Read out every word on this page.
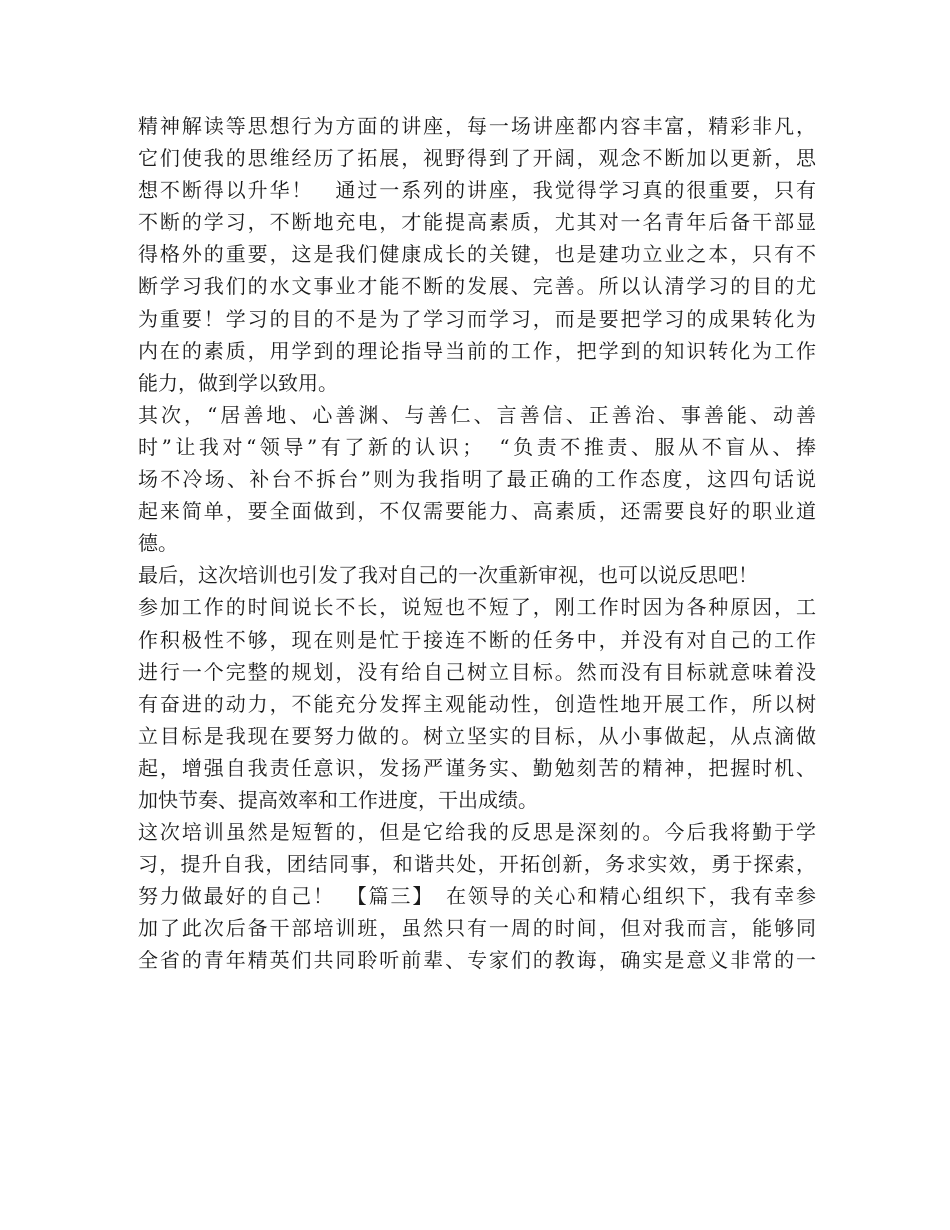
精神解读等思想行为方面的讲座，每一场讲座都内容丰富，精彩非凡，
它们使我的思维经历了拓展，视野得到了开阔，观念不断加以更新，思
想不断得以升华！　通过一系列的讲座，我觉得学习真的很重要，只有
不断的学习，不断地充电，才能提高素质，尤其对一名青年后备干部显
得格外的重要，这是我们健康成长的关键，也是建功立业之本，只有不
断学习我们的水文事业才能不断的发展、完善。所以认清学习的目的尤
为重要！学习的目的不是为了学习而学习，而是要把学习的成果转化为
内在的素质，用学到的理论指导当前的工作，把学到的知识转化为工作
能力，做到学以致用。
其次，“居善地、心善渊、与善仁、言善信、正善治、事善能、动善
时”让我对“领导”有了新的认识；　“负责不推责、服从不盲从、捧
场不冷场、补台不拆台”则为我指明了最正确的工作态度，这四句话说
起来简单，要全面做到，不仅需要能力、高素质，还需要良好的职业道
德。
最后，这次培训也引发了我对自己的一次重新审视，也可以说反思吧！
参加工作的时间说长不长，说短也不短了，刚工作时因为各种原因，工
作积极性不够，现在则是忙于接连不断的任务中，并没有对自己的工作
进行一个完整的规划，没有给自己树立目标。然而没有目标就意味着没
有奋进的动力，不能充分发挥主观能动性，创造性地开展工作，所以树
立目标是我现在要努力做的。树立坚实的目标，从小事做起，从点滴做
起，增强自我责任意识，发扬严谨务实、勤勉刻苦的精神，把握时机、
加快节奏、提高效率和工作进度，干出成绩。
这次培训虽然是短暂的，但是它给我的反思是深刻的。今后我将勤于学
习，提升自我，团结同事，和谐共处，开拓创新，务求实效，勇于探索，
努力做最好的自己！　【篇三】　在领导的关心和精心组织下，我有幸参
加了此次后备干部培训班，虽然只有一周的时间，但对我而言，能够同
全省的青年精英们共同聆听前辈、专家们的教诲，确实是意义非常的一
